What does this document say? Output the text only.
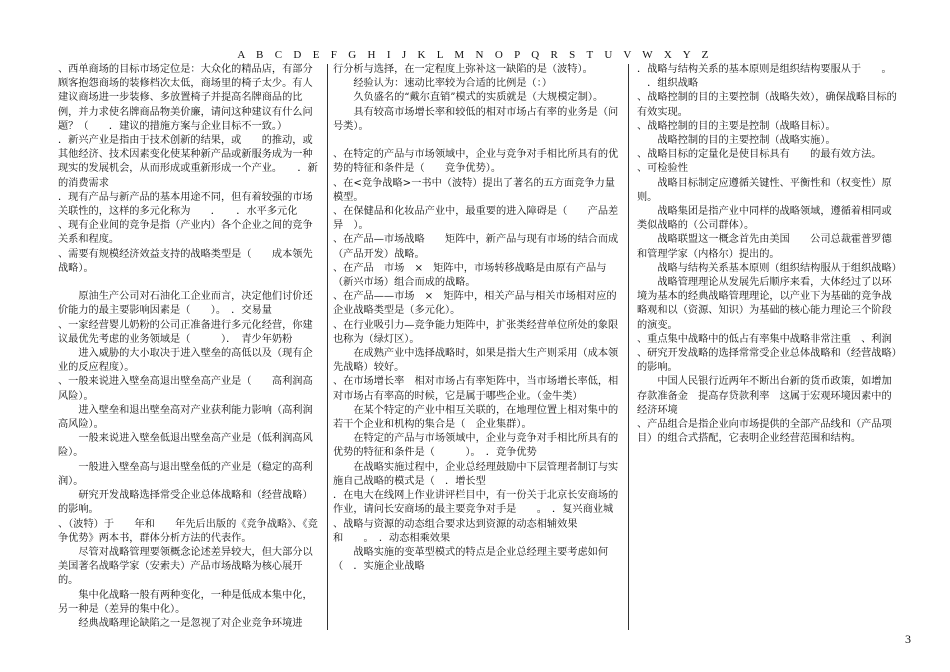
A B C D E F G H I J K L M N O P Q R S T U V W X Y Z

、西单商场的目标市场定位是：大众化的精品店，有部分顾客抱怨商场的装修档次太低，商场里的椅子太少。有人建议商场进一步装修、多放置椅子并提高名牌商品的比例，并力求使名牌商品物美价廉，请问这种建议有什么问题？（　　．建议的措施方案与企业目标不一致。）

．新兴产业是指由于技术创新的结果，或　　的推动，或其他经济、技术因素变化使某种新产品或新服务成为一种现实的发展机会，从而形成或重新形成一个产业。　　．新的消费需求

．现有产品与新产品的基本用途不同，但有着较强的市场关联性的，这样的多元化称为　　．　　．水平多元化

、现有企业间的竞争是指（产业内）各个企业之间的竞争关系和程度。

、需要有规模经济效益支持的战略类型是（　　成本领先战略）。

　　原油生产公司对石油化工企业而言，决定他们讨价还价能力的最主要影响因素是（　　）。　．交易量

、一家经营婴儿奶粉的公司正准备进行多元化经营，你建议最优先考虑的业务领域是（　　　）．　青少年奶粉

　　进入威胁的大小取决于进入壁垒的高低以及（现有企业的反应程度）。

、一般来说进入壁垒高退出壁垒高产业是（　　高利润高风险）。

　　进入壁垒和退出壁垒高对产业获利能力影响（高利润高风险）。

　　一般来说进入壁垒低退出壁垒高产业是（低利润高风险）。

　　一般进入壁垒高与退出壁垒低的产业是（稳定的高利润）。

　　研究开发战略选择常受企业总体战略和（经营战略）的影响。

、（波特）于　　年和　　年先后出版的《竞争战略》、《竞争优势》两本书，群体分析方法的代表作。

　　尽管对战略管理要领概念论述差异较大，但大部分以美国著名战略学家（安索夫）产品市场战略为核心展开的。

　　集中化战略一般有两种变化，一种是低成本集中化，另一种是（差异的集中化）。

　　经典战略理论缺陷之一是忽视了对企业竞争环境进

行分析与选择，在一定程度上弥补这一缺陷的是（波特）。

　　经验认为：速动比率较为合适的比例是（：）

　　久负盛名的“戴尔直销”模式的实质就是（大规模定制）。

　　具有较高市场增长率和较低的相对市场占有率的业务是（问号类）。

、在特定的产品与市场领域中，企业与竞争对手相比所具有的优势的特征和条件是（　　竞争优势）。

、在<竞争战略>一书中（波特）提出了著名的五方面竞争力量模型。

、在保健品和化妆品产业中，最重要的进入障碍是（　　产品差异　）。

、在产品—市场战略　　矩阵中，新产品与现有市场的结合而成（产品开发）战略。

、在产品　市场　×　矩阵中，市场转移战略是由原有产品与（新兴市场）组合而成的战略。

、在产品——市场　×　矩阵中，相关产品与相关市场相对应的企业战略类型是（多元化）。

、在行业吸引力—竞争能力矩阵中，扩张类经营单位所处的象限也称为（绿灯区）。

　　在成熟产业中选择战略时，如果是指大生产则采用（成本领先战略）较好。

、在市场增长率　相对市场占有率矩阵中，当市场增长率低，相对市场占有率高的时候，它是属于哪些企业。（金牛类）

　　在某个特定的产业中相互关联的，在地理位置上相对集中的若干个企业和机构的集合是（　企业集群）。

　　在特定的产品与市场领域中，企业与竞争对手相比所具有的优势的特征和条件是（　　　）。　．竞争优势

　　在战略实施过程中，企业总经理鼓励中下层管理者制订与实施自己战略的模式是（　．增长型

．在电大在线网上作业讲评栏目中，有一份关于北京长安商场的作业，请问长安商场的最主要竞争对手是　　。　．复兴商业城

、战略与资源的动态组合要求达到资源的动态相辅效果和　　。　．动态相乘效果

　　战略实施的变革型模式的特点是企业总经理主要考虑如何（　．实施企业战略

．战略与结构关系的基本原则是组织结构要服从于　　。

　．组织战略

、战略控制的目的主要控制（战略失效），确保战略目标的有效实现。

、战略控制的目的主要是控制（战略目标）。

　　战略控制的目的主要控制（战略实施）。

、战略目标的定量化是使目标具有　　的最有效方法。

、可检验性

　　战略目标制定应遵循关键性、平衡性和（权变性）原则。

　　战略集团是指产业中同样的战略领域，遵循着相同或类似战略的（公司群体）。

　　战略联盟这一概念首先由美国　　公司总裁霍普罗德和管理学家（内格尔）提出的。

　　战略与结构关系基本原则（组织结构服从于组织战略）

　　战略管理理论从发展先后顺序来看，大体经过了以环境为基本的经典战略管理理论，以产业下为基础的竞争战略观和以（资源、知识）为基础的核心能力理论三个阶段的演变。

、重点集中战略中的低占有率集中战略非常注重　、利润

、研究开发战略的选择常常受企业总体战略和（经营战略）的影响。

　　中国人民银行近两年不断出台新的货币政策，如增加存款准备金　提高存贷款利率　这属于宏观环境因素中的经济环境

、产品组合是指企业向市场提供的全部产品线和（产品项目）的组合式搭配，它表明企业经营范围和结构。

3
